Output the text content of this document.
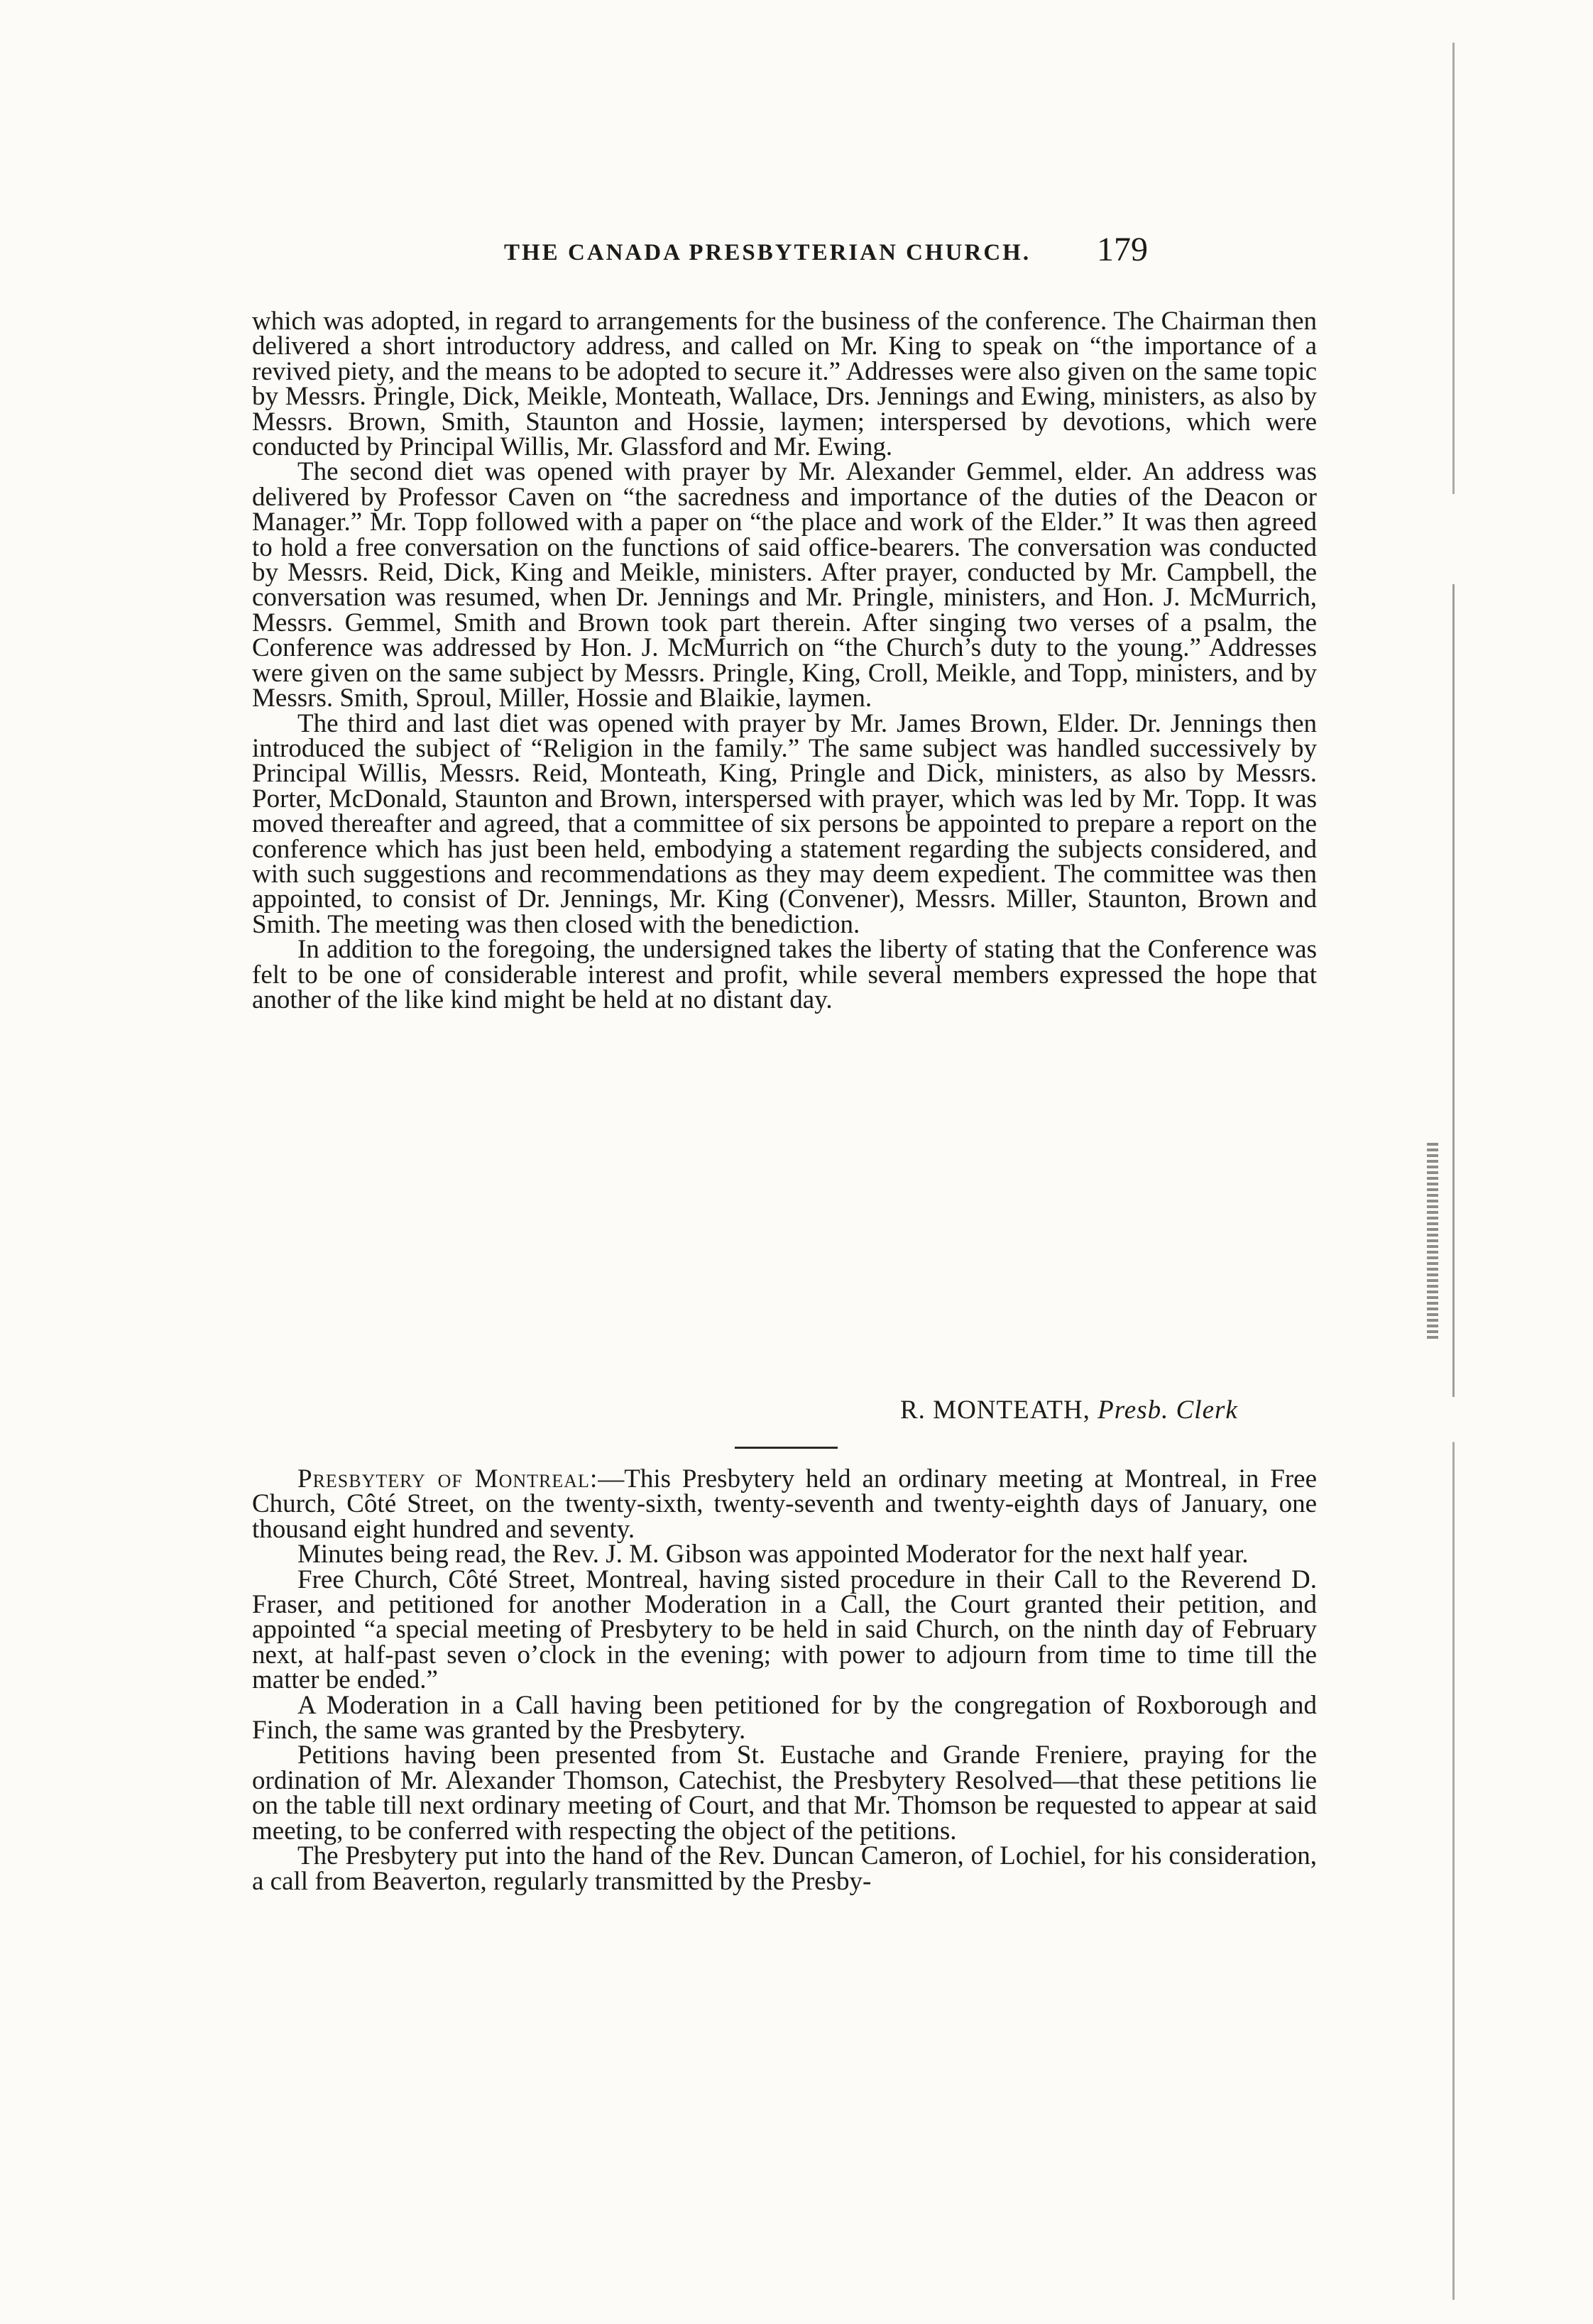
THE CANADA PRESBYTERIAN CHURCH. 179

which was adopted, in regard to arrangements for the business of the conference. The Chairman then delivered a short introductory address, and called on Mr. King to speak on “the importance of a revived piety, and the means to be adopted to secure it.” Addresses were also given on the same topic by Messrs. Pringle, Dick, Meikle, Monteath, Wallace, Drs. Jennings and Ewing, ministers, as also by Messrs. Brown, Smith, Staunton and Hossie, laymen; interspersed by devotions, which were conducted by Principal Willis, Mr. Glassford and Mr. Ewing.

The second diet was opened with prayer by Mr. Alexander Gemmel, elder. An address was delivered by Professor Caven on “the sacredness and importance of the duties of the Deacon or Manager.” Mr. Topp followed with a paper on “the place and work of the Elder.” It was then agreed to hold a free conversation on the functions of said office-bearers. The conversation was conducted by Messrs. Reid, Dick, King and Meikle, ministers. After prayer, conducted by Mr. Campbell, the conversation was resumed, when Dr. Jennings and Mr. Pringle, ministers, and Hon. J. McMurrich, Messrs. Gemmel, Smith and Brown took part therein. After singing two verses of a psalm, the Conference was addressed by Hon. J. McMurrich on “the Church’s duty to the young.” Addresses were given on the same subject by Messrs. Pringle, King, Croll, Meikle, and Topp, ministers, and by Messrs. Smith, Sproul, Miller, Hossie and Blaikie, laymen.

The third and last diet was opened with prayer by Mr. James Brown, Elder. Dr. Jennings then introduced the subject of “Religion in the family.” The same subject was handled successively by Principal Willis, Messrs. Reid, Monteath, King, Pringle and Dick, ministers, as also by Messrs. Porter, McDonald, Staunton and Brown, interspersed with prayer, which was led by Mr. Topp. It was moved thereafter and agreed, that a committee of six persons be appointed to prepare a report on the conference which has just been held, embodying a statement regarding the subjects considered, and with such suggestions and recommendations as they may deem expedient. The committee was then appointed, to consist of Dr. Jennings, Mr. King (Convener), Messrs. Miller, Staunton, Brown and Smith. The meeting was then closed with the benediction.

In addition to the foregoing, the undersigned takes the liberty of stating that the Conference was felt to be one of considerable interest and profit, while several members expressed the hope that another of the like kind might be held at no distant day.

R. MONTEATH, Presb. Clerk

Presbytery of Montreal:—This Presbytery held an ordinary meeting at Montreal, in Free Church, Côté Street, on the twenty-sixth, twenty-seventh and twenty-eighth days of January, one thousand eight hundred and seventy.

Minutes being read, the Rev. J. M. Gibson was appointed Moderator for the next half year.

Free Church, Côté Street, Montreal, having sisted procedure in their Call to the Reverend D. Fraser, and petitioned for another Moderation in a Call, the Court granted their petition, and appointed “a special meeting of Presbytery to be held in said Church, on the ninth day of February next, at half-past seven o’clock in the evening; with power to adjourn from time to time till the matter be ended.”

A Moderation in a Call having been petitioned for by the congregation of Roxborough and Finch, the same was granted by the Presbytery.

Petitions having been presented from St. Eustache and Grande Freniere, praying for the ordination of Mr. Alexander Thomson, Catechist, the Presbytery Resolved—that these petitions lie on the table till next ordinary meeting of Court, and that Mr. Thomson be requested to appear at said meeting, to be conferred with respecting the object of the petitions.

The Presbytery put into the hand of the Rev. Duncan Cameron, of Lochiel, for his consideration, a call from Beaverton, regularly transmitted by the Presby-
